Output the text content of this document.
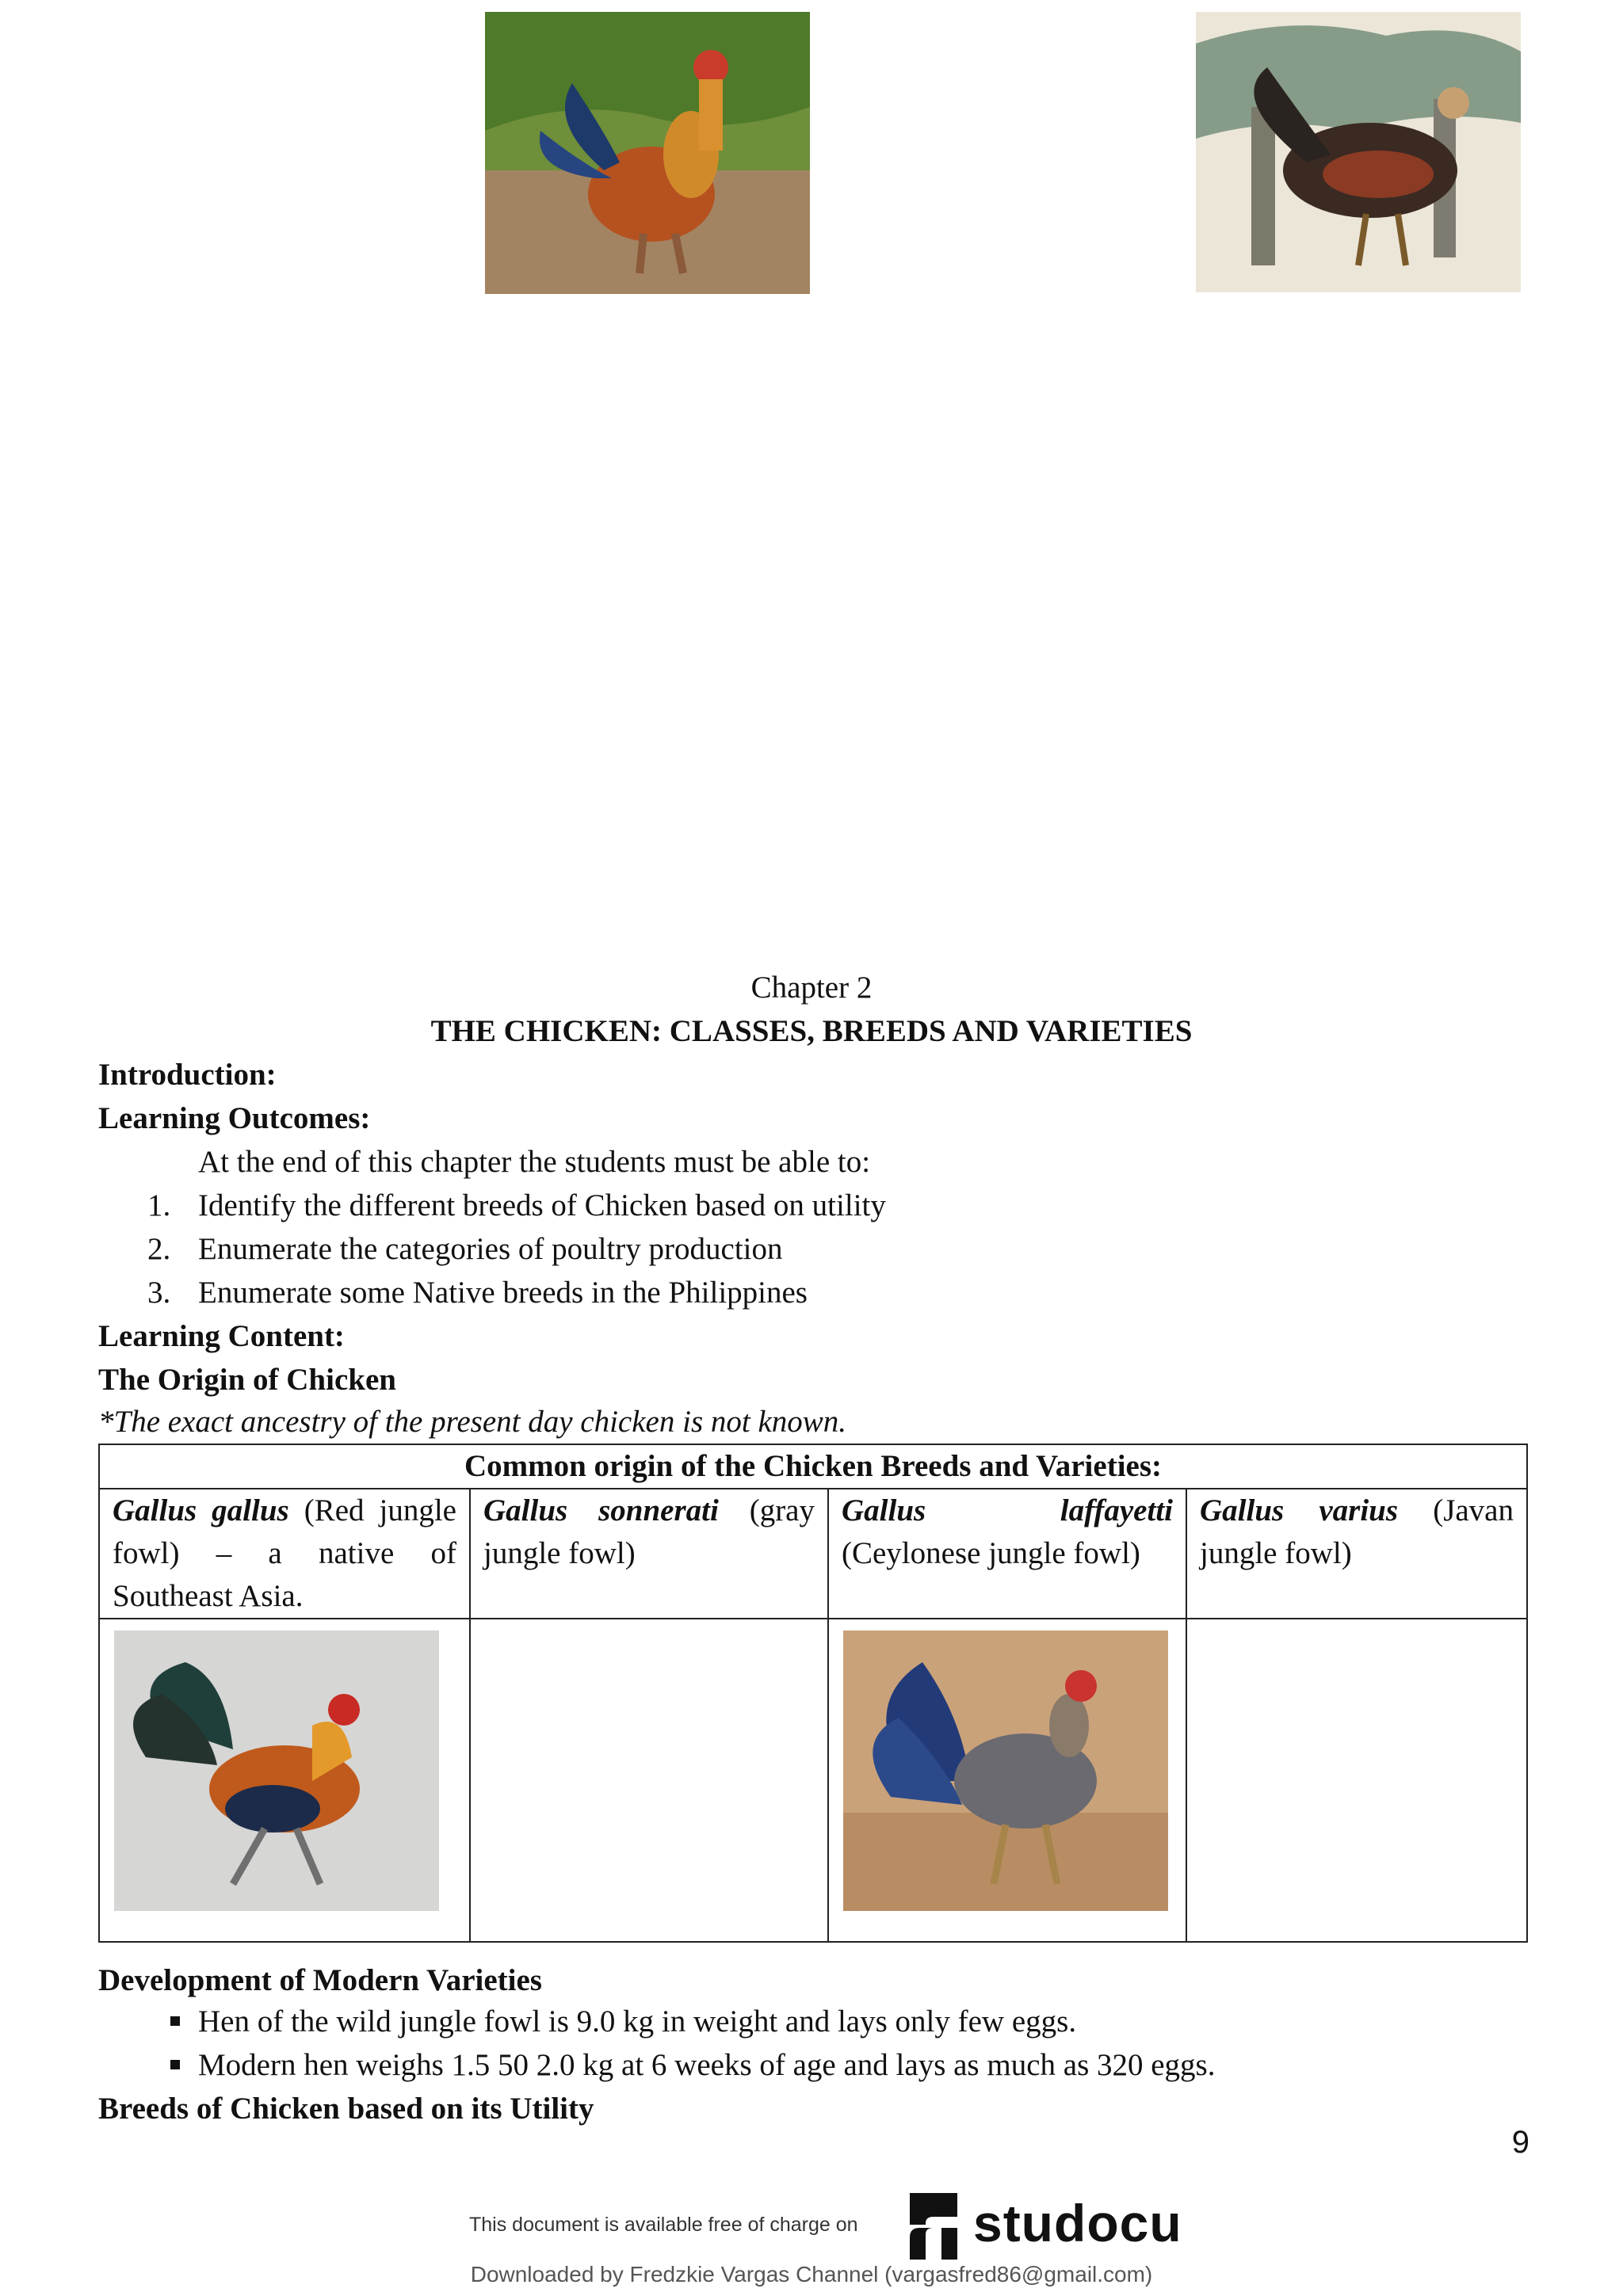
Chapter 2
THE CHICKEN: CLASSES, BREEDS AND VARIETIES
Introduction:
Learning Outcomes:
At the end of this chapter the students must be able to:
1. Identify the different breeds of Chicken based on utility
2. Enumerate the categories of poultry production
3. Enumerate some Native breeds in the Philippines
Learning Content:
The Origin of Chicken
*The exact ancestry of the present day chicken is not known.
Common origin of the Chicken Breeds and Varieties:			
Gallus gallus (Red jungle fowl) – a native of Southeast Asia.	Gallus sonnerati (gray jungle fowl)	Gallus laffayetti (Ceylonese jungle fowl)	Gallus varius (Javan jungle fowl)

Development of Modern Varieties
Hen of the wild jungle fowl is 9.0 kg in weight and lays only few eggs.
Modern hen weighs 1.5 50 2.0 kg at 6 weeks of age and lays as much as 320 eggs.
Breeds of Chicken based on its Utility
9
This document is available free of charge on studocu
Downloaded by Fredzkie Vargas Channel (vargasfred86@gmail.com)
